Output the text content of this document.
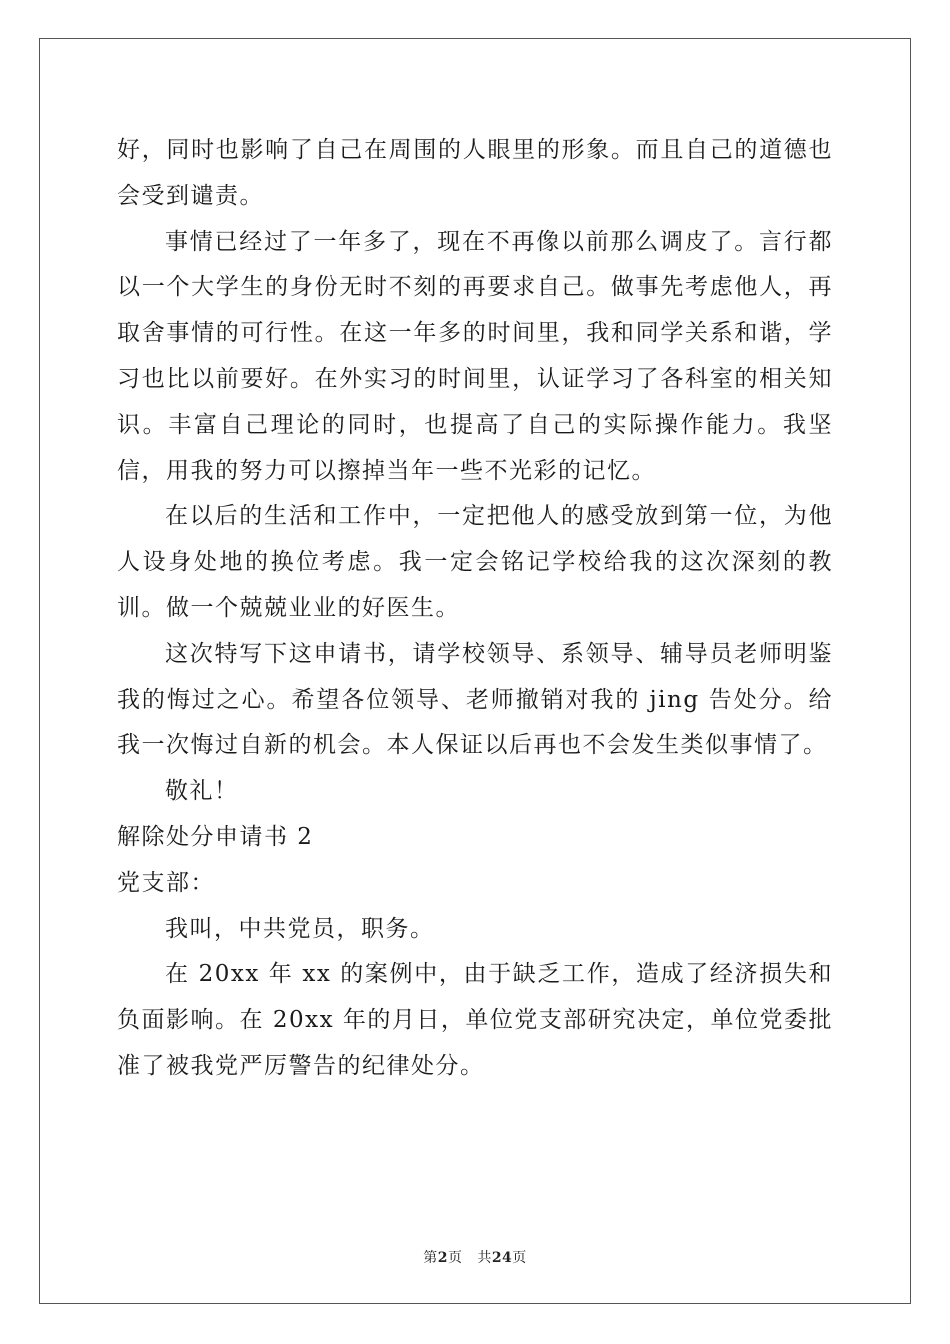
好，同时也影响了自己在周围的人眼里的形象。而且自己的道德也会受到谴责。

事情已经过了一年多了，现在不再像以前那么调皮了。言行都以一个大学生的身份无时不刻的再要求自己。做事先考虑他人，再取舍事情的可行性。在这一年多的时间里，我和同学关系和谐，学习也比以前要好。在外实习的时间里，认证学习了各科室的相关知识。丰富自己理论的同时，也提高了自己的实际操作能力。我坚信，用我的努力可以擦掉当年一些不光彩的记忆。

在以后的生活和工作中，一定把他人的感受放到第一位，为他人设身处地的换位考虑。我一定会铭记学校给我的这次深刻的教训。做一个兢兢业业的好医生。

这次特写下这申请书，请学校领导、系领导、辅导员老师明鉴我的悔过之心。希望各位领导、老师撤销对我的 jing 告处分。给我一次悔过自新的机会。本人保证以后再也不会发生类似事情了。

敬礼！

解除处分申请书 2

党支部：

我叫，中共党员，职务。

在 20xx 年 xx 的案例中，由于缺乏工作，造成了经济损失和负面影响。在 20xx 年的月日，单位党支部研究决定，单位党委批准了被我党严厉警告的纪律处分。

第2页 共24页
